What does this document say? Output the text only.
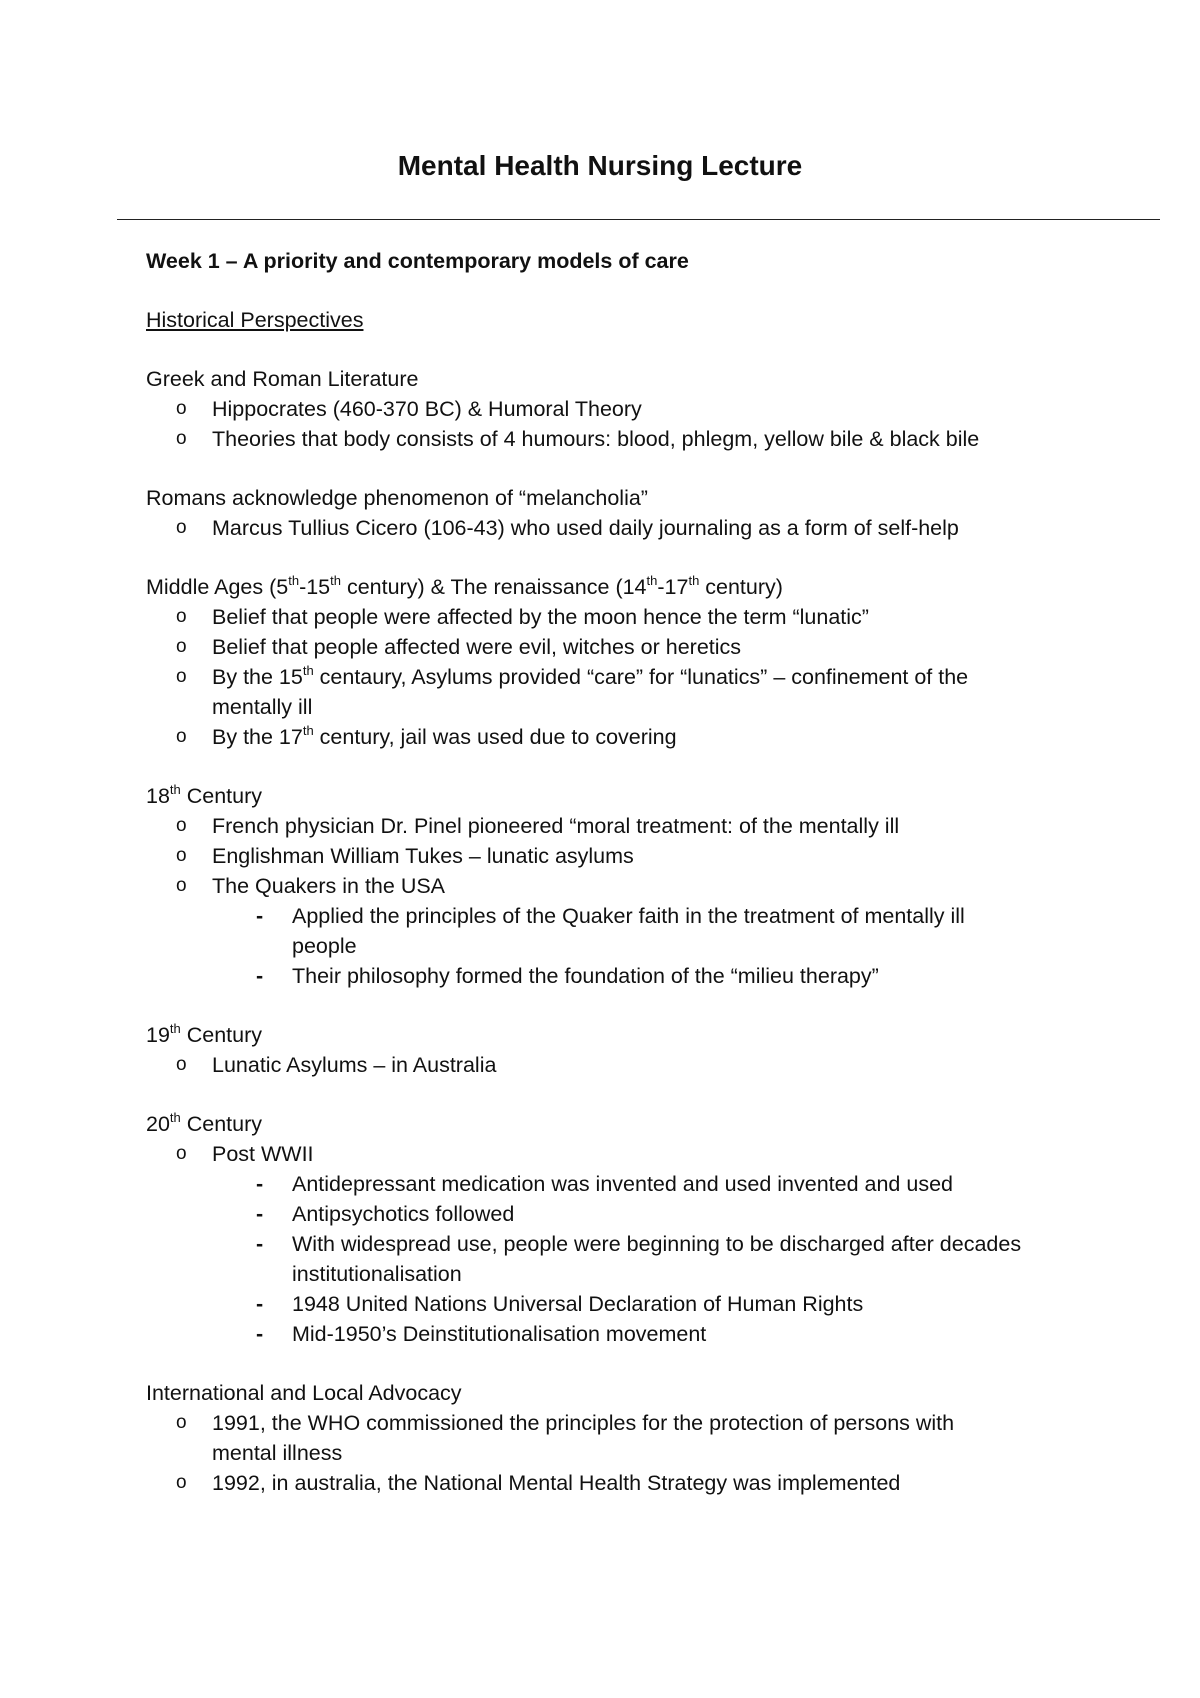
Mental Health Nursing Lecture
Week 1 – A priority and contemporary models of care
Historical Perspectives
Greek and Roman Literature
o Hippocrates (460-370 BC) & Humoral Theory
o Theories that body consists of 4 humours: blood, phlegm, yellow bile & black bile
Romans acknowledge phenomenon of “melancholia”
o Marcus Tullius Cicero (106-43) who used daily journaling as a form of self-help
Middle Ages (5th-15th century) & The renaissance (14th-17th century)
o Belief that people were affected by the moon hence the term “lunatic”
o Belief that people affected were evil, witches or heretics
o By the 15th centaury, Asylums provided “care” for “lunatics” – confinement of the
mentally ill
o By the 17th century, jail was used due to covering
18th Century
o French physician Dr. Pinel pioneered “moral treatment: of the mentally ill
o Englishman William Tukes – lunatic asylums
o The Quakers in the USA
- Applied the principles of the Quaker faith in the treatment of mentally ill
people
- Their philosophy formed the foundation of the “milieu therapy”
19th Century
o Lunatic Asylums – in Australia
20th Century
o Post WWII
- Antidepressant medication was invented and used invented and used
- Antipsychotics followed
- With widespread use, people were beginning to be discharged after decades
institutionalisation
- 1948 United Nations Universal Declaration of Human Rights
- Mid-1950’s Deinstitutionalisation movement
International and Local Advocacy
o 1991, the WHO commissioned the principles for the protection of persons with
mental illness
o 1992, in australia, the National Mental Health Strategy was implemented
